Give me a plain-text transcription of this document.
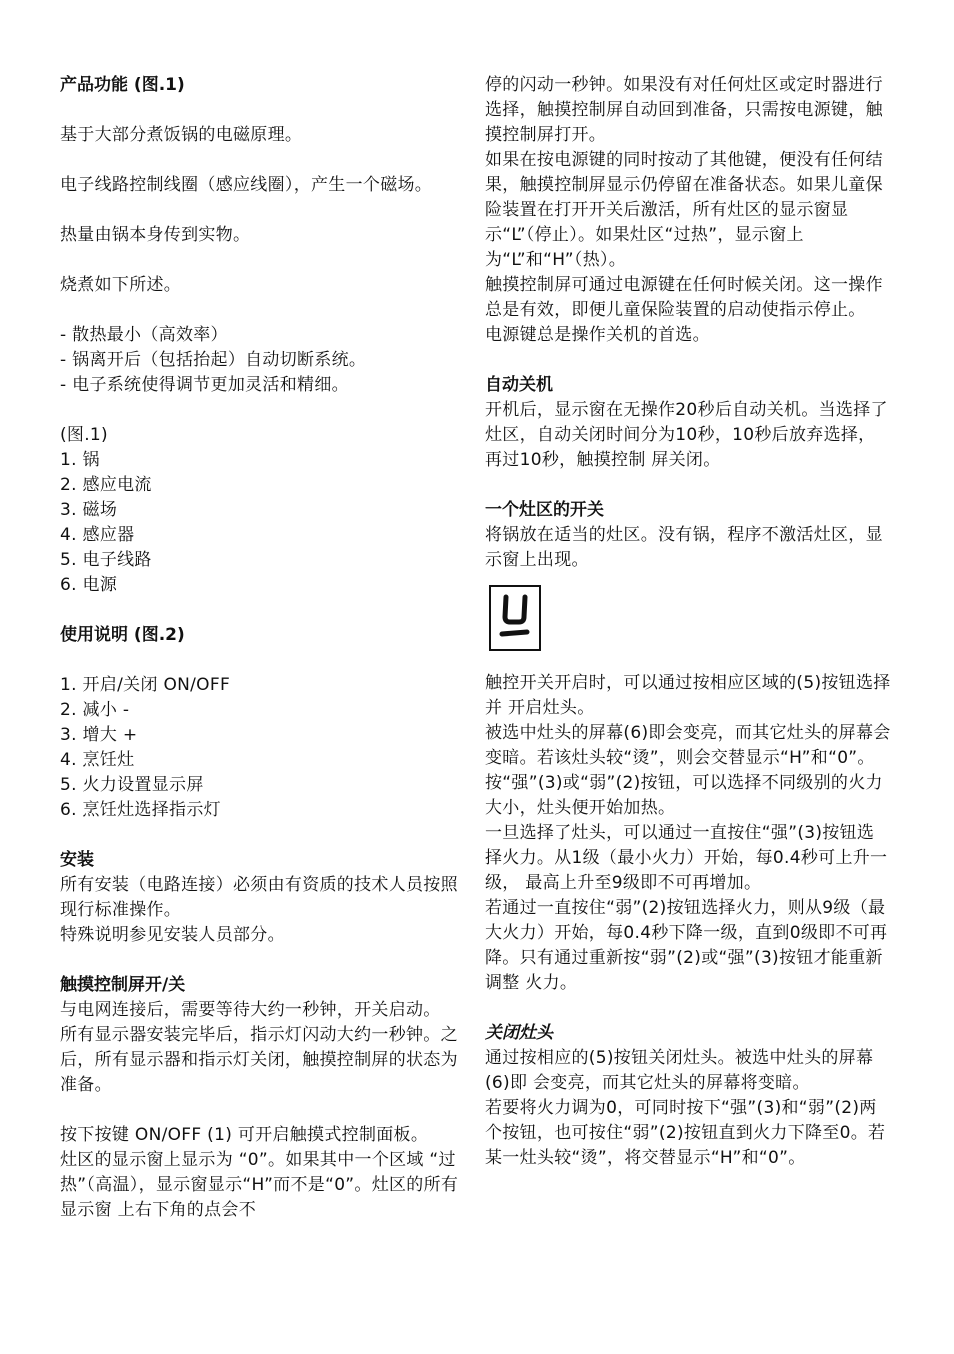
产品功能 (图.1)

基于大部分煮饭锅的电磁原理。

电子线路控制线圈（感应线圈），产生一个磁场。

热量由锅本身传到实物。

烧煮如下所述。

- 散热最小（高效率）

- 锅离开后（包括抬起）自动切断系统。

- 电子系统使得调节更加灵活和精细。

(图.1)

1. 锅

2. 感应电流

3. 磁场

4. 感应器

5. 电子线路

6. 电源

使用说明 (图.2)

1. 开启/关闭 ON/OFF

2. 减小 -

3. 增大 +

4. 烹饪灶

5. 火力设置显示屏

6. 烹饪灶选择指示灯

安装

所有安装（电路连接）必须由有资质的技术人员按照现行标准操作。

特殊说明参见安装人员部分。

触摸控制屏开/关

与电网连接后，需要等待大约一秒钟，开关启动。

所有显示器安装完毕后，指示灯闪动大约一秒钟。之后，所有显示器和指示灯关闭，触摸控制屏的状态为准备。

按下按键 ON/OFF (1) 可开启触摸式控制面板。

灶区的显示窗上显示为 “0”。如果其中一个区域 “过热”（高温），显示窗显示“H”而不是“0”。灶区的所有显示窗 上右下角的点会不

停的闪动一秒钟。如果没有对任何灶区或定时器进行选择，触摸控制屏自动回到准备，只需按电源键，触摸控制屏打开。

如果在按电源键的同时按动了其他键，便没有任何结果，触摸控制屏显示仍停留在准备状态。如果儿童保险装置在打开开关后激活，所有灶区的显示窗显示“L”（停止）。如果灶区“过热”，显示窗上为“L”和“H”（热）。

触摸控制屏可通过电源键在任何时候关闭。这一操作总是有效，即便儿童保险装置的启动使指示停止。

电源键总是操作关机的首选。

自动关机

开机后，显示窗在无操作20秒后自动关机。当选择了灶区，自动关闭时间分为10秒，10秒后放弃选择，再过10秒，触摸控制 屏关闭。

一个灶区的开关

将锅放在适当的灶区。没有锅，程序不激活灶区，显示窗上出现。

触控开关开启时，可以通过按相应区域的(5)按钮选择并 开启灶头。

被选中灶头的屏幕(6)即会变亮，而其它灶头的屏幕会变暗。若该灶头较“烫”，则会交替显示“H”和“0”。

按“强”(3)或“弱”(2)按钮，可以选择不同级别的火力大小，灶头便开始加热。

一旦选择了灶头，可以通过一直按住“强”(3)按钮选择火力。从1级（最小火力）开始，每0.4秒可上升一级， 最高上升至9级即不可再增加。

若通过一直按住“弱”(2)按钮选择火力，则从9级（最 大火力）开始，每0.4秒下降一级，直到0级即不可再降。只有通过重新按“弱”(2)或“强”(3)按钮才能重新调整 火力。

关闭灶头

通过按相应的(5)按钮关闭灶头。被选中灶头的屏幕(6)即 会变亮，而其它灶头的屏幕将变暗。

若要将火力调为0，可同时按下“强”(3)和“弱”(2)两个按钮，也可按住“弱”(2)按钮直到火力下降至0。若某一灶头较“烫”，将交替显示“H”和“0”。
